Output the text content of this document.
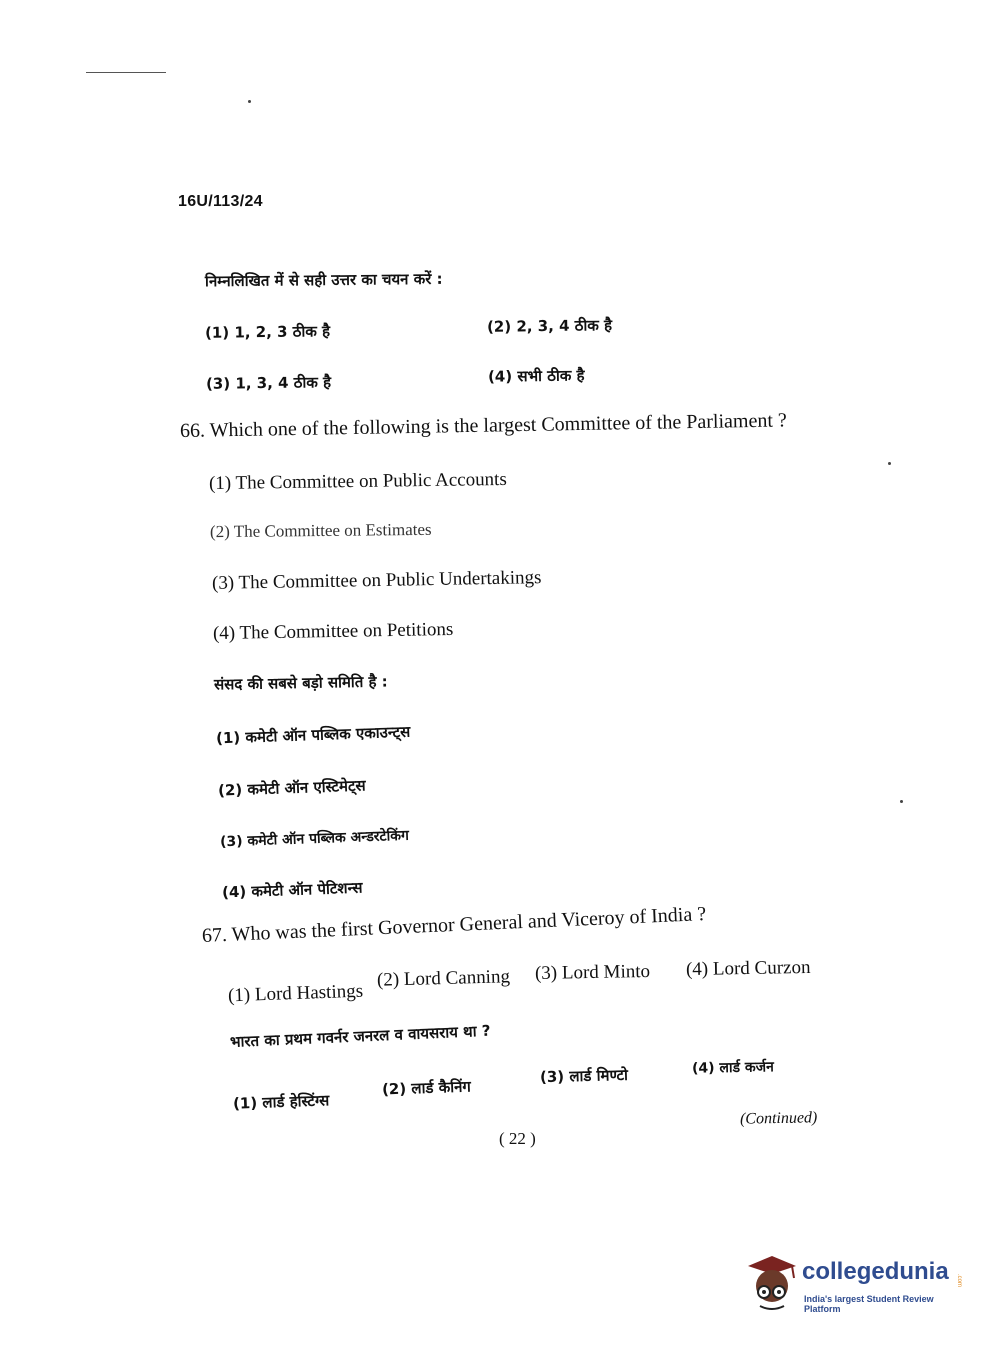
16U/113/24
निम्नलिखित में से सही उत्तर का चयन करें :
(1) 1, 2, 3 ठीक है	(2) 2, 3, 4 ठीक है
(3) 1, 3, 4 ठीक है	(4) सभी ठीक है
66. Which one of the following is the largest Committee of the Parliament ?
(1) The Committee on Public Accounts
(2) The Committee on Estimates
(3) The Committee on Public Undertakings
(4) The Committee on Petitions
संसद की सबसे बड़ो समिति है :
(1) कमेटी ऑन पब्लिक एकाउन्ट्स
(2) कमेटी ऑन एस्टिमेट्स
(3) कमेटी ऑन पब्लिक अन्डरटेकिंग
(4) कमेटी ऑन पेटिशन्स
67. Who was the first Governor General and Viceroy of India ?
(1) Lord Hastings
(2) Lord Canning (3) Lord Minto (4) Lord Curzon
भारत का प्रथम गवर्नर जनरल व वायसराय था ?
(1) लार्ड हेस्टिंग्स
(2) लार्ड कैनिंग
(3) लार्ड मिण्टो	(4) लार्ड कर्जन
(Continued)
( 22 )
collegedunia .com
India's largest Student Review Platform
